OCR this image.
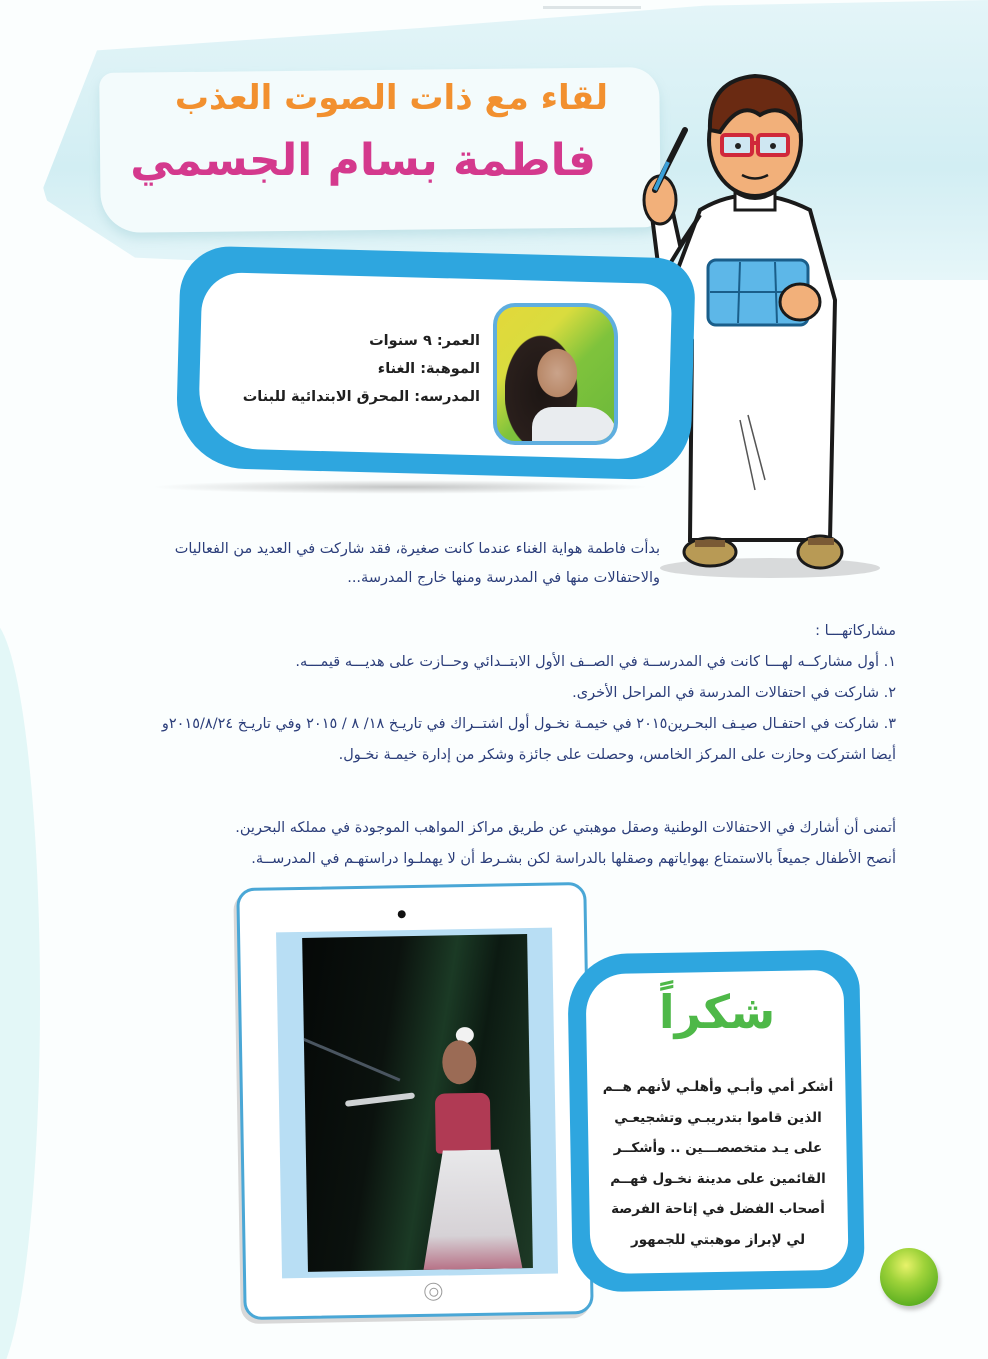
لقاء مع ذات الصوت العذب
فاطمة بسام الجسمي
العمر: ٩ سنوات
الموهبة: الغناء
المدرسه: المحرق الابتدائية للبنات

بدأت فاطمة هواية الغناء عندما كانت صغيرة، فقد شاركت في العديد من الفعاليات والاحتفالات منها في المدرسة ومنها خارج المدرسة...

مشاركاتهـــا :
١. أول مشاركــه لهـــا كانت في المدرســة في الصــف الأول الابتــدائي وحــازت على هديـــه قيمـــه.
٢. شاركت في احتفالات المدرسة في المراحل الأخرى.
٣. شاركت في احتفـال صيـف البحـرين٢٠١٥ في خيمـة نخـول أول اشتــراك في تاريـخ ١٨/ ٨ / ٢٠١٥ وفي تاريـخ ٢٠١٥/٨/٢٤و أيضا اشتركت وحازت على المركز الخامس، وحصلت على جائزة وشكر من إدارة خيمـة نخـول.
أتمنى أن أشارك في الاحتفالات الوطنية وصقل موهبتي عن طريق مراكز المواهب الموجودة في مملكه البحرين.
أنصح الأطفال جميعاً بالاستمتاع بهواياتهم وصقلها بالدراسة لكن بشـرط أن لا يهملـوا دراستهـم في المدرســة.
شكراً
أشكر أمي وأبـي وأهلـي لأنهم هــم
الذين قاموا بتدريبـي وتشجيعـي
على يـد متخصصـــين .. وأشكــر
القائمين على مدينة نخـول فهــم
أصحاب الفضل في إتاحة الفرصة
لي لإبراز موهبتي للجمهور
